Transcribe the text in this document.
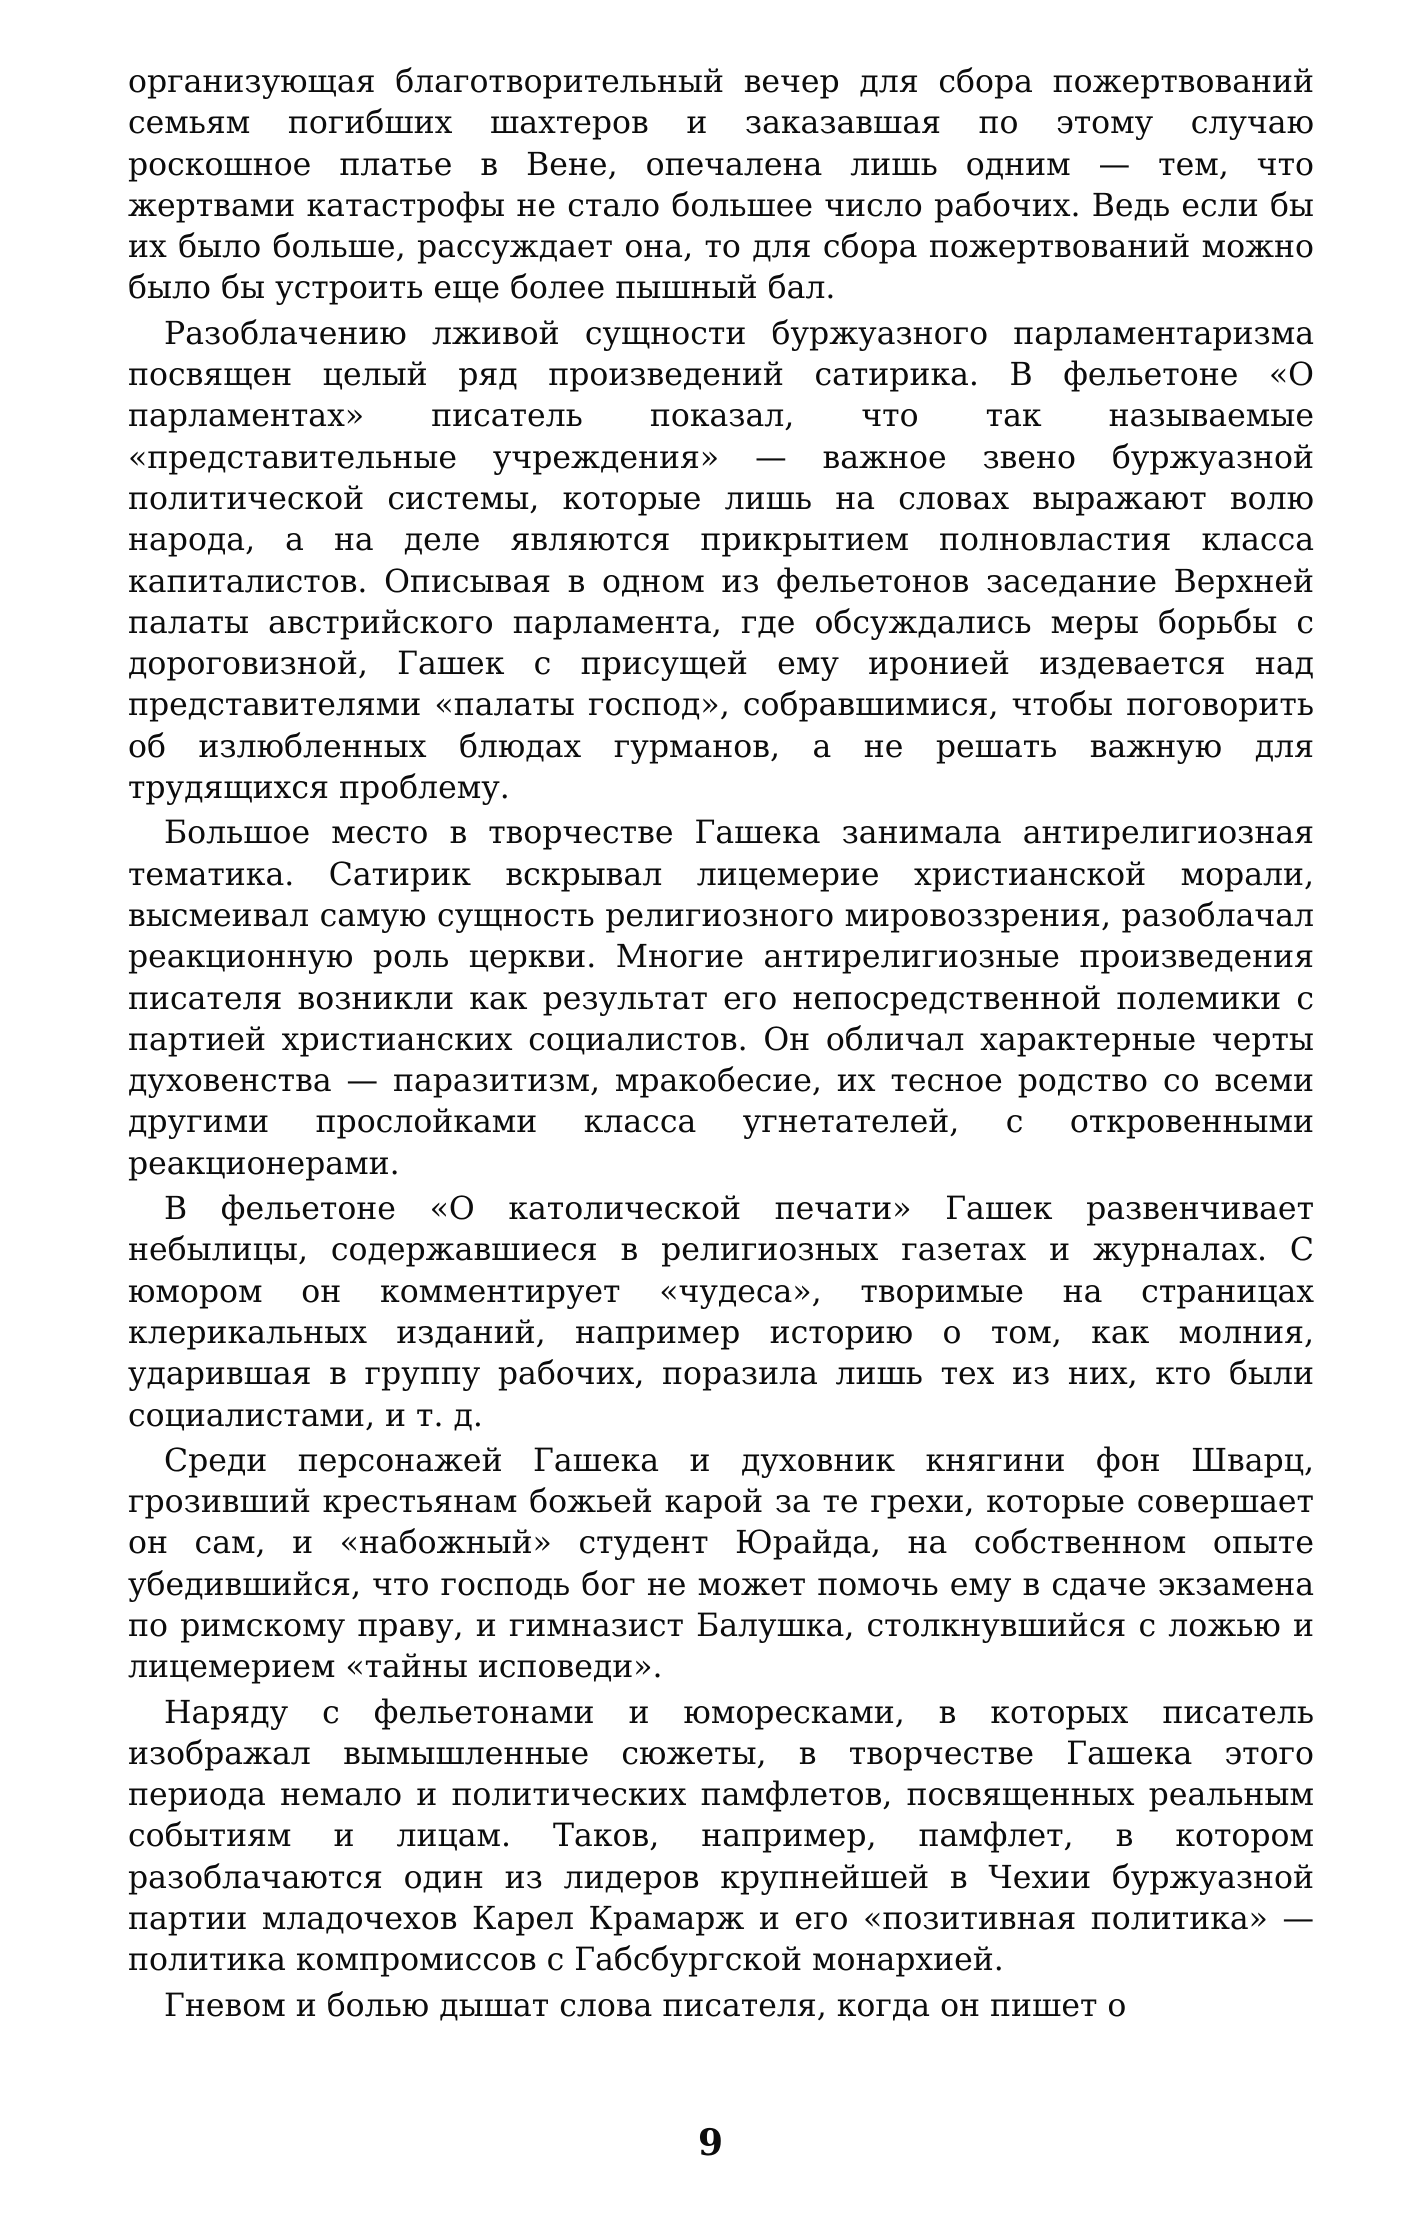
организующая благотворительный вечер для сбора пожертвований семьям погибших шахтеров и заказавшая по этому случаю роскошное платье в Вене, опечалена лишь одним — тем, что жертвами катастрофы не стало большее число рабочих. Ведь если бы их было больше, рассуждает она, то для сбора пожертвований можно было бы устроить еще более пышный бал.

Разоблачению лживой сущности буржуазного парламентаризма посвящен целый ряд произведений сатирика. В фельетоне «О парламентах» писатель показал, что так называемые «представительные учреждения» — важное звено буржуазной политической системы, которые лишь на словах выражают волю народа, а на деле являются прикрытием полновластия класса капиталистов. Описывая в одном из фельетонов заседание Верхней палаты австрийского парламента, где обсуждались меры борьбы с дороговизной, Гашек с присущей ему иронией издевается над представителями «палаты господ», собравшимися, чтобы поговорить об излюбленных блюдах гурманов, а не решать важную для трудящихся проблему.

Большое место в творчестве Гашека занимала антирелигиозная тематика. Сатирик вскрывал лицемерие христианской морали, высмеивал самую сущность религиозного мировоззрения, разоблачал реакционную роль церкви. Многие антирелигиозные произведения писателя возникли как результат его непосредственной полемики с партией христианских социалистов. Он обличал характерные черты духовенства — паразитизм, мракобесие, их тесное родство со всеми другими прослойками класса угнетателей, с откровенными реакционерами.

В фельетоне «О католической печати» Гашек развенчивает небылицы, содержавшиеся в религиозных газетах и журналах. С юмором он комментирует «чудеса», творимые на страницах клерикальных изданий, например историю о том, как молния, ударившая в группу рабочих, поразила лишь тех из них, кто были социалистами, и т. д.

Среди персонажей Гашека и духовник княгини фон Шварц, грозивший крестьянам божьей карой за те грехи, которые совершает он сам, и «набожный» студент Юрайда, на собственном опыте убедившийся, что господь бог не может помочь ему в сдаче экзамена по римскому праву, и гимназист Балушка, столкнувшийся с ложью и лицемерием «тайны исповеди».

Наряду с фельетонами и юморесками, в которых писатель изображал вымышленные сюжеты, в творчестве Гашека этого периода немало и политических памфлетов, посвященных реальным событиям и лицам. Таков, например, памфлет, в котором разоблачаются один из лидеров крупнейшей в Чехии буржуазной партии младочехов Карел Крамарж и его «позитивная политика» — политика компромиссов с Габсбургской монархией.

Гневом и болью дышат слова писателя, когда он пишет о

9
